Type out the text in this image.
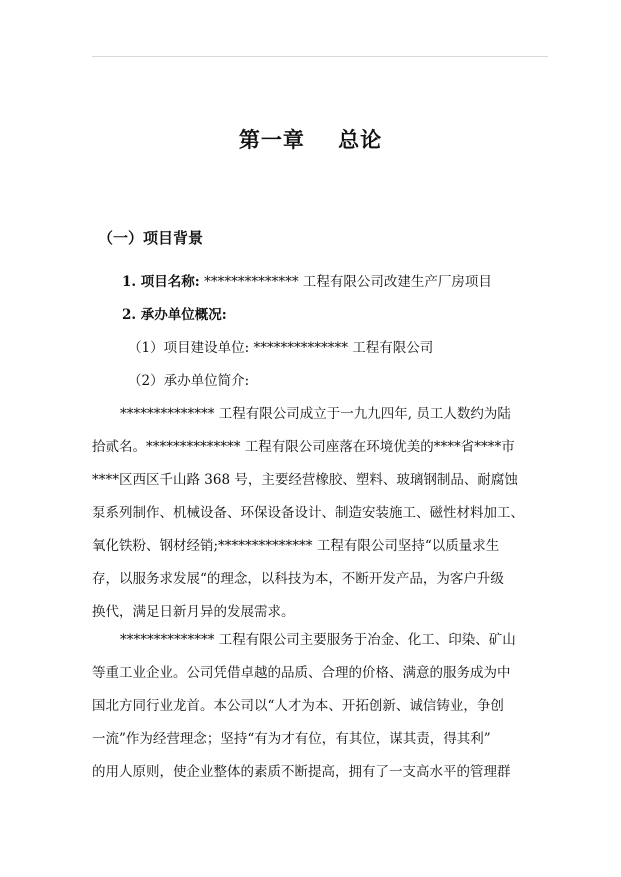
第一章    总论
（一）项目背景

1. 项目名称: ************** 工程有限公司改建生产厂房项目

2. 承办单位概况:

（1）项目建设单位: ************** 工程有限公司

（2）承办单位简介:

************** 工程有限公司成立于一九九四年, 员工人数约为陆
拾贰名。************** 工程有限公司座落在环境优美的****省****市
****区西区千山路 368 号，主要经营橡胶、塑料、玻璃钢制品、耐腐蚀
泵系列制作、机械设备、环保设备设计、制造安装施工、磁性材料加工、
氧化铁粉、钢材经销;************** 工程有限公司坚持“以质量求生
存，以服务求发展“的理念，以科技为本，不断开发产品，为客户升级
换代，满足日新月异的发展需求。
************** 工程有限公司主要服务于冶金、化工、印染、矿山
等重工业企业。公司凭借卓越的品质、合理的价格、满意的服务成为中
国北方同行业龙首。本公司以“人才为本、开拓创新、诚信铸业，争创
一流”作为经营理念；坚持“有为才有位，有其位，谋其责，得其利”
的用人原则，使企业整体的素质不断提高，拥有了一支高水平的管理群
